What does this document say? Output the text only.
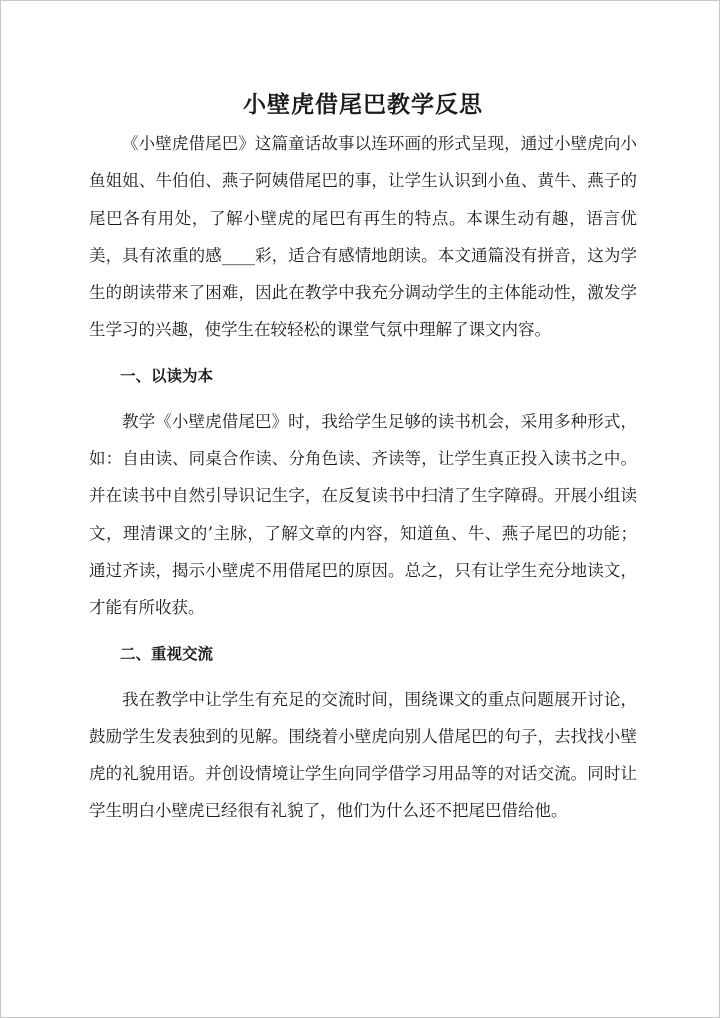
小壁虎借尾巴教学反思

《小壁虎借尾巴》这篇童话故事以连环画的形式呈现，通过小壁虎向小鱼姐姐、牛伯伯、燕子阿姨借尾巴的事，让学生认识到小鱼、黄牛、燕子的尾巴各有用处，了解小壁虎的尾巴有再生的特点。本课生动有趣，语言优美，具有浓重的感____彩，适合有感情地朗读。本文通篇没有拼音，这为学生的朗读带来了困难，因此在教学中我充分调动学生的主体能动性，激发学生学习的兴趣，使学生在较轻松的课堂气氛中理解了课文内容。

一、以读为本

教学《小壁虎借尾巴》时，我给学生足够的读书机会，采用多种形式，如：自由读、同桌合作读、分角色读、齐读等，让学生真正投入读书之中。并在读书中自然引导识记生字，在反复读书中扫清了生字障碍。开展小组读文，理清课文的’主脉，了解文章的内容，知道鱼、牛、燕子尾巴的功能；通过齐读，揭示小壁虎不用借尾巴的原因。总之，只有让学生充分地读文，才能有所收获。

二、重视交流

我在教学中让学生有充足的交流时间，围绕课文的重点问题展开讨论，鼓励学生发表独到的见解。围绕着小壁虎向别人借尾巴的句子，去找找小壁虎的礼貌用语。并创设情境让学生向同学借学习用品等的对话交流。同时让学生明白小壁虎已经很有礼貌了，他们为什么还不把尾巴借给他。
